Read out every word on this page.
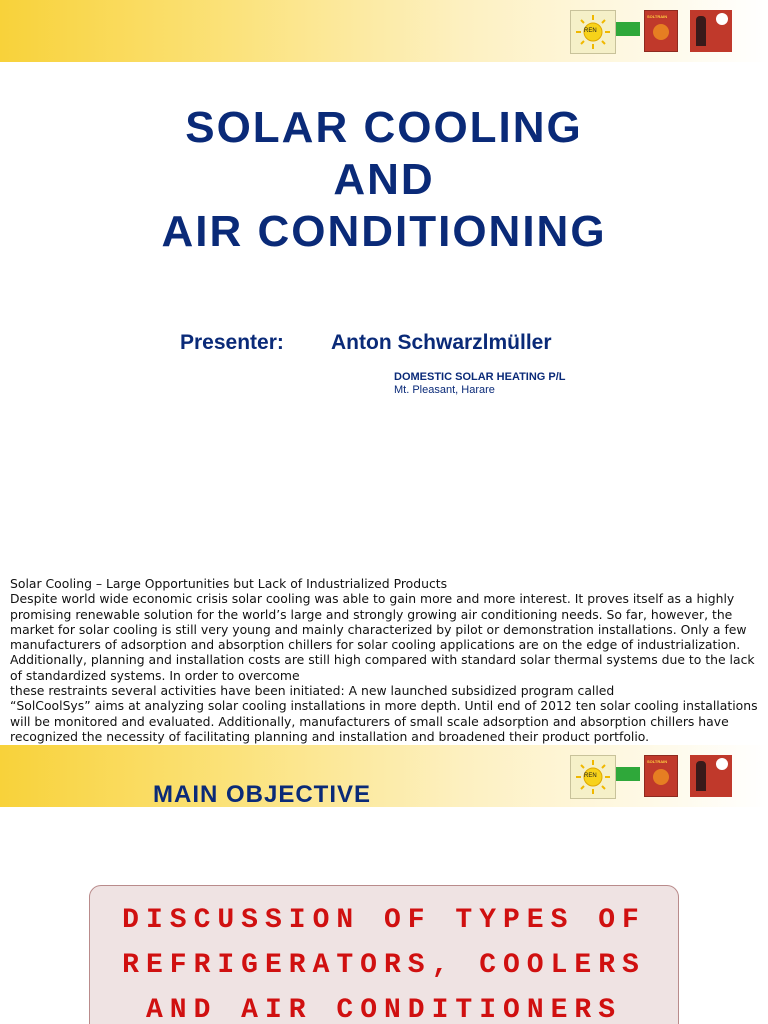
REN
SOLTRAIN
SOLAR COOLING
AND
AIR CONDITIONING
Presenter: Anton Schwarzlmüller
DOMESTIC SOLAR HEATING P/L
Mt. Pleasant, Harare

Solar Cooling – Large Opportunities but Lack of Industrialized Products

Despite world wide economic crisis solar cooling was able to gain more and more interest. It proves itself as a highly promising renewable solution for the world’s large and strongly growing air conditioning needs. So far, however, the market for solar cooling is still very young and mainly characterized by pilot or demonstration installations. Only a few manufacturers of adsorption and absorption chillers for solar cooling applications are on the edge of industrialization. Additionally, planning and installation costs are still high compared with standard solar thermal systems due to the lack of standardized systems. In order to overcome

these restraints several activities have been initiated: A new launched subsidized program called

“SolCoolSys” aims at analyzing solar cooling installations in more depth. Until end of 2012 ten solar cooling installations will be monitored and evaluated. Additionally, manufacturers of small scale adsorption and absorption chillers have recognized the necessity of facilitating planning and installation and broadened their product portfolio.

REN
SOLTRAIN
MAIN OBJECTIVE
DISCUSSION OF TYPES OF
REFRIGERATORS, COOLERS
AND AIR CONDITIONERS
